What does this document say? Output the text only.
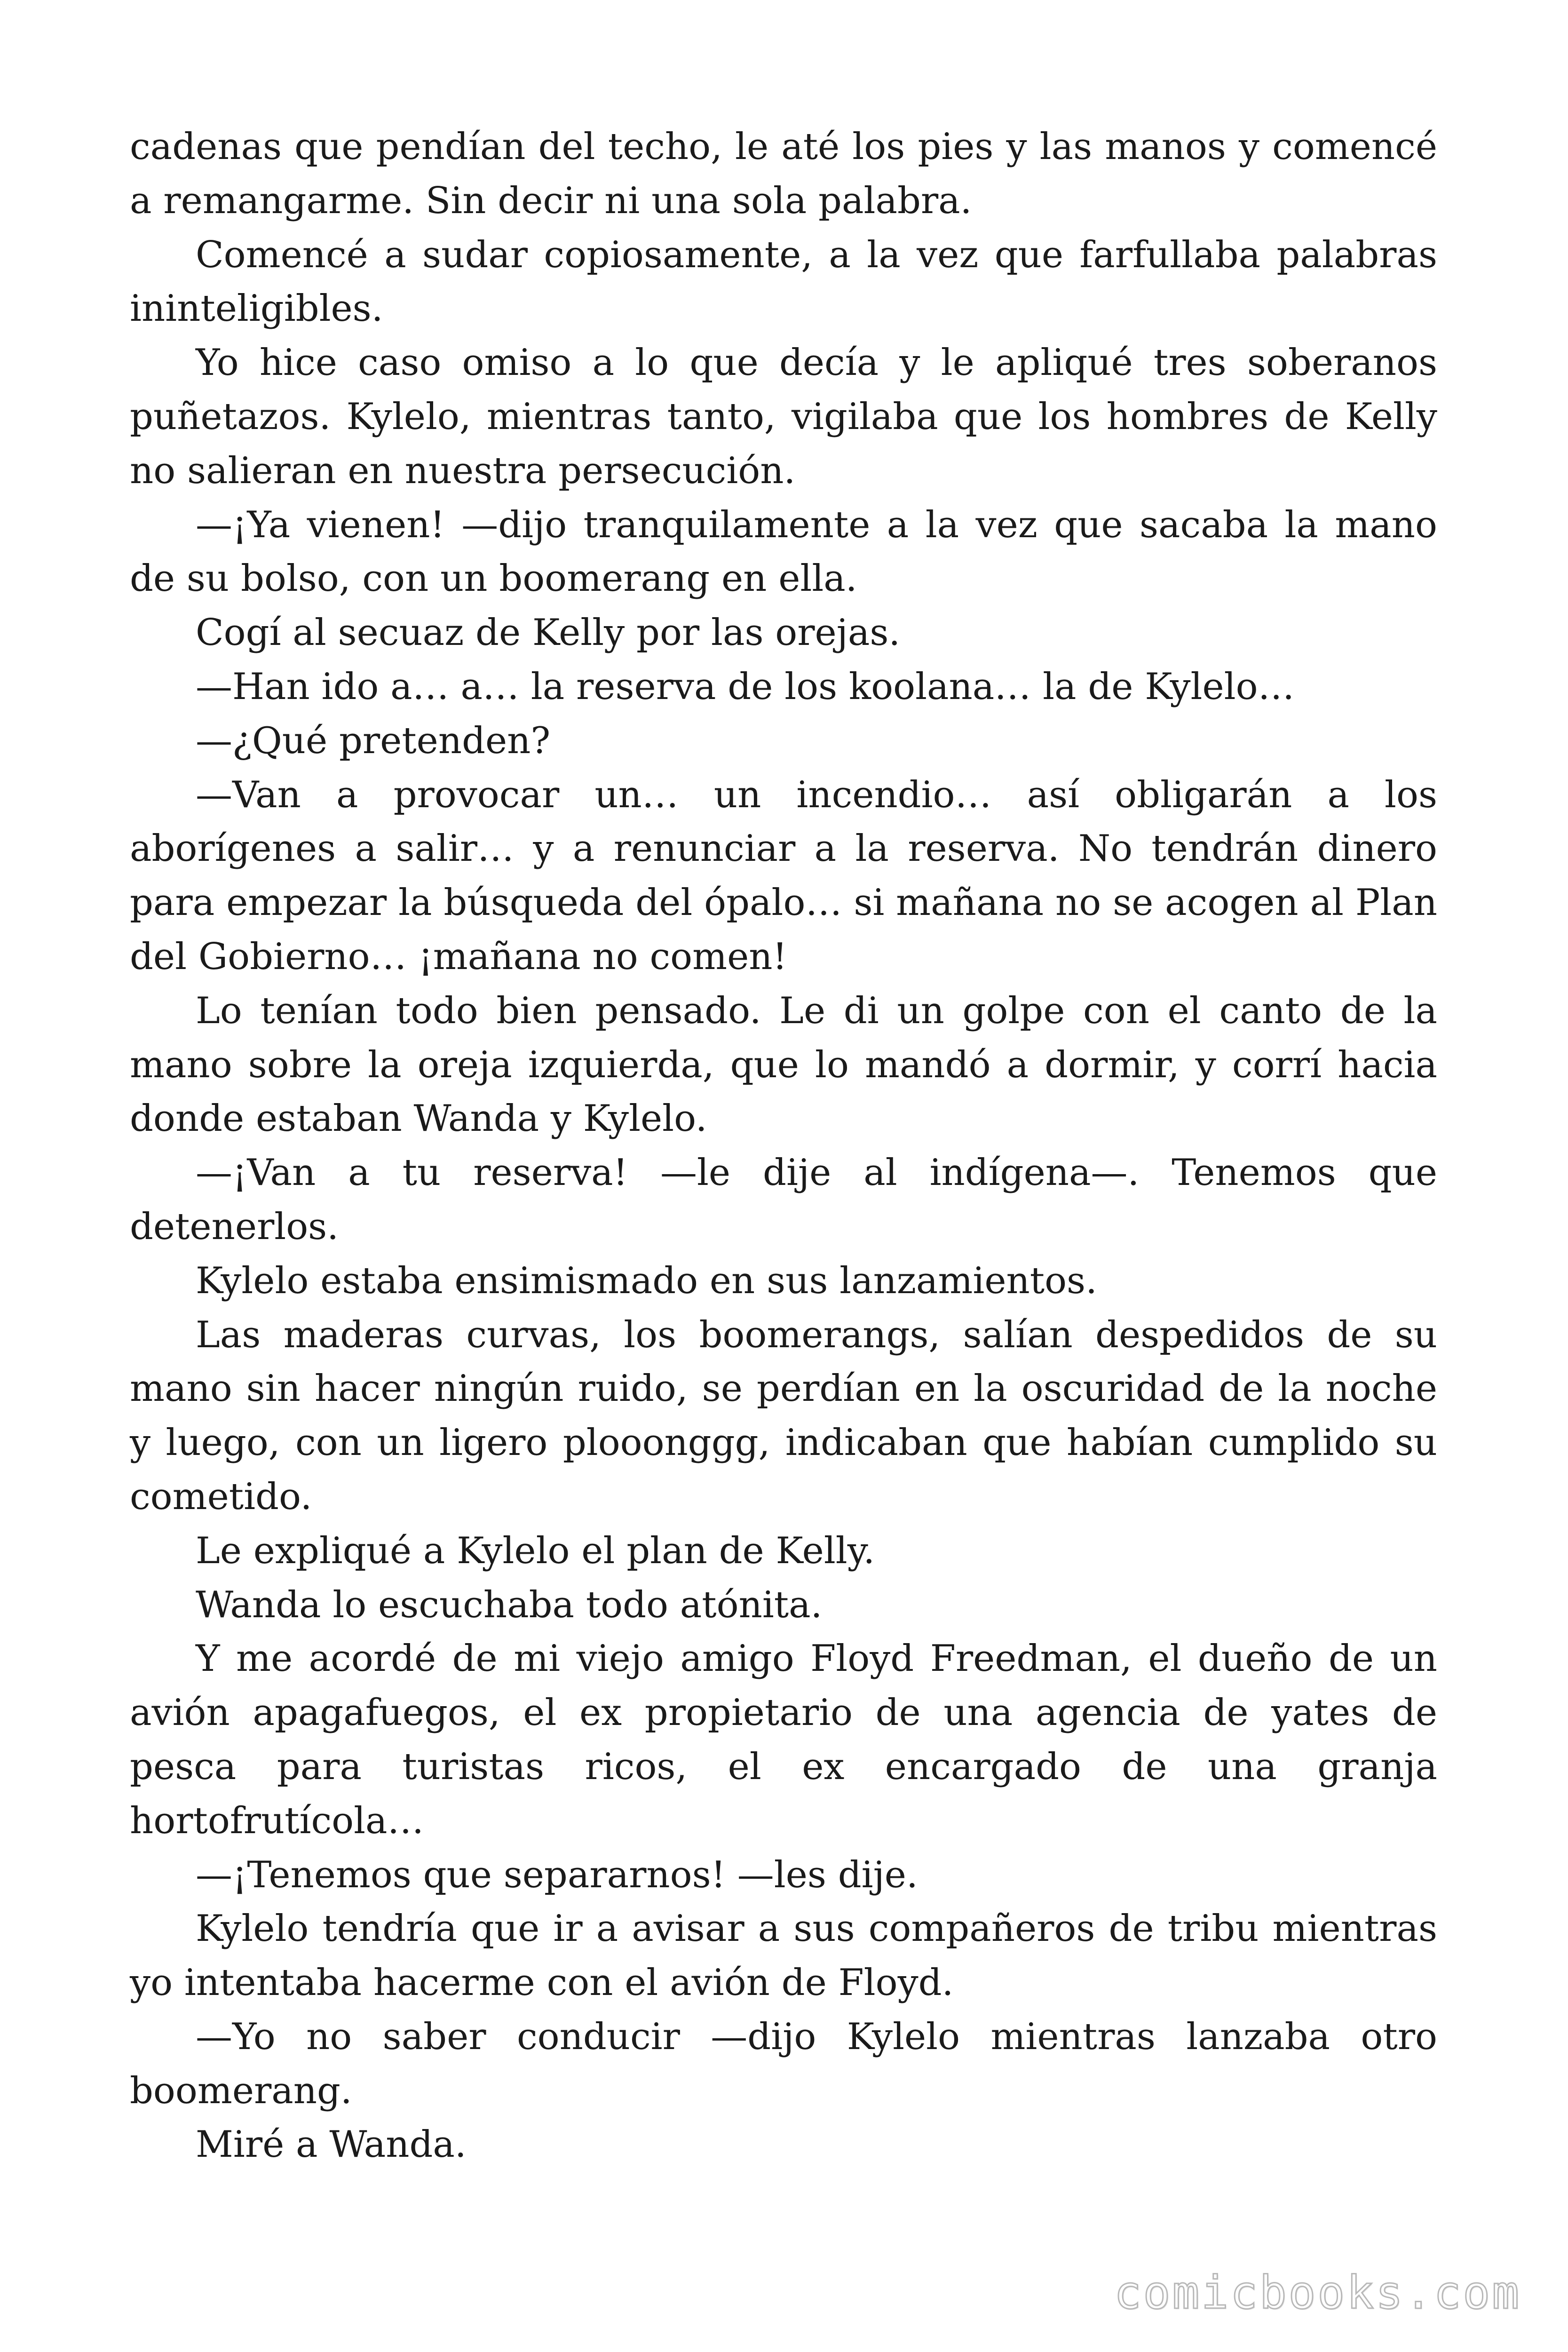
cadenas que pendían del techo, le até los pies y las manos y comencé a remangarme. Sin decir ni una sola palabra.

Comencé a sudar copiosamente, a la vez que farfullaba palabras ininteligibles.

Yo hice caso omiso a lo que decía y le apliqué tres soberanos puñetazos. Kylelo, mientras tanto, vigilaba que los hombres de Kelly no salieran en nuestra persecución.

—¡Ya vienen! —dijo tranquilamente a la vez que sacaba la mano de su bolso, con un boomerang en ella.

Cogí al secuaz de Kelly por las orejas.

—Han ido a… a… la reserva de los koolana… la de Kylelo…

—¿Qué pretenden?

—Van a provocar un… un incendio… así obligarán a los aborígenes a salir… y a renunciar a la reserva. No tendrán dinero para empezar la búsqueda del ópalo… si mañana no se acogen al Plan del Gobierno… ¡mañana no comen!

Lo tenían todo bien pensado. Le di un golpe con el canto de la mano sobre la oreja izquierda, que lo mandó a dormir, y corrí hacia donde estaban Wanda y Kylelo.

—¡Van a tu reserva! —le dije al indígena—. Tenemos que detenerlos.

Kylelo estaba ensimismado en sus lanzamientos.

Las maderas curvas, los boomerangs, salían despedidos de su mano sin hacer ningún ruido, se perdían en la oscuridad de la noche y luego, con un ligero plooonggg, indicaban que habían cumplido su cometido.

Le expliqué a Kylelo el plan de Kelly.

Wanda lo escuchaba todo atónita.

Y me acordé de mi viejo amigo Floyd Freedman, el dueño de un avión apagafuegos, el ex propietario de una agencia de yates de pesca para turistas ricos, el ex encargado de una granja hortofrutícola…

—¡Tenemos que separarnos! —les dije.

Kylelo tendría que ir a avisar a sus compañeros de tribu mientras yo intentaba hacerme con el avión de Floyd.

—Yo no saber conducir —dijo Kylelo mientras lanzaba otro boomerang.

Miré a Wanda.

comicbooks.com
